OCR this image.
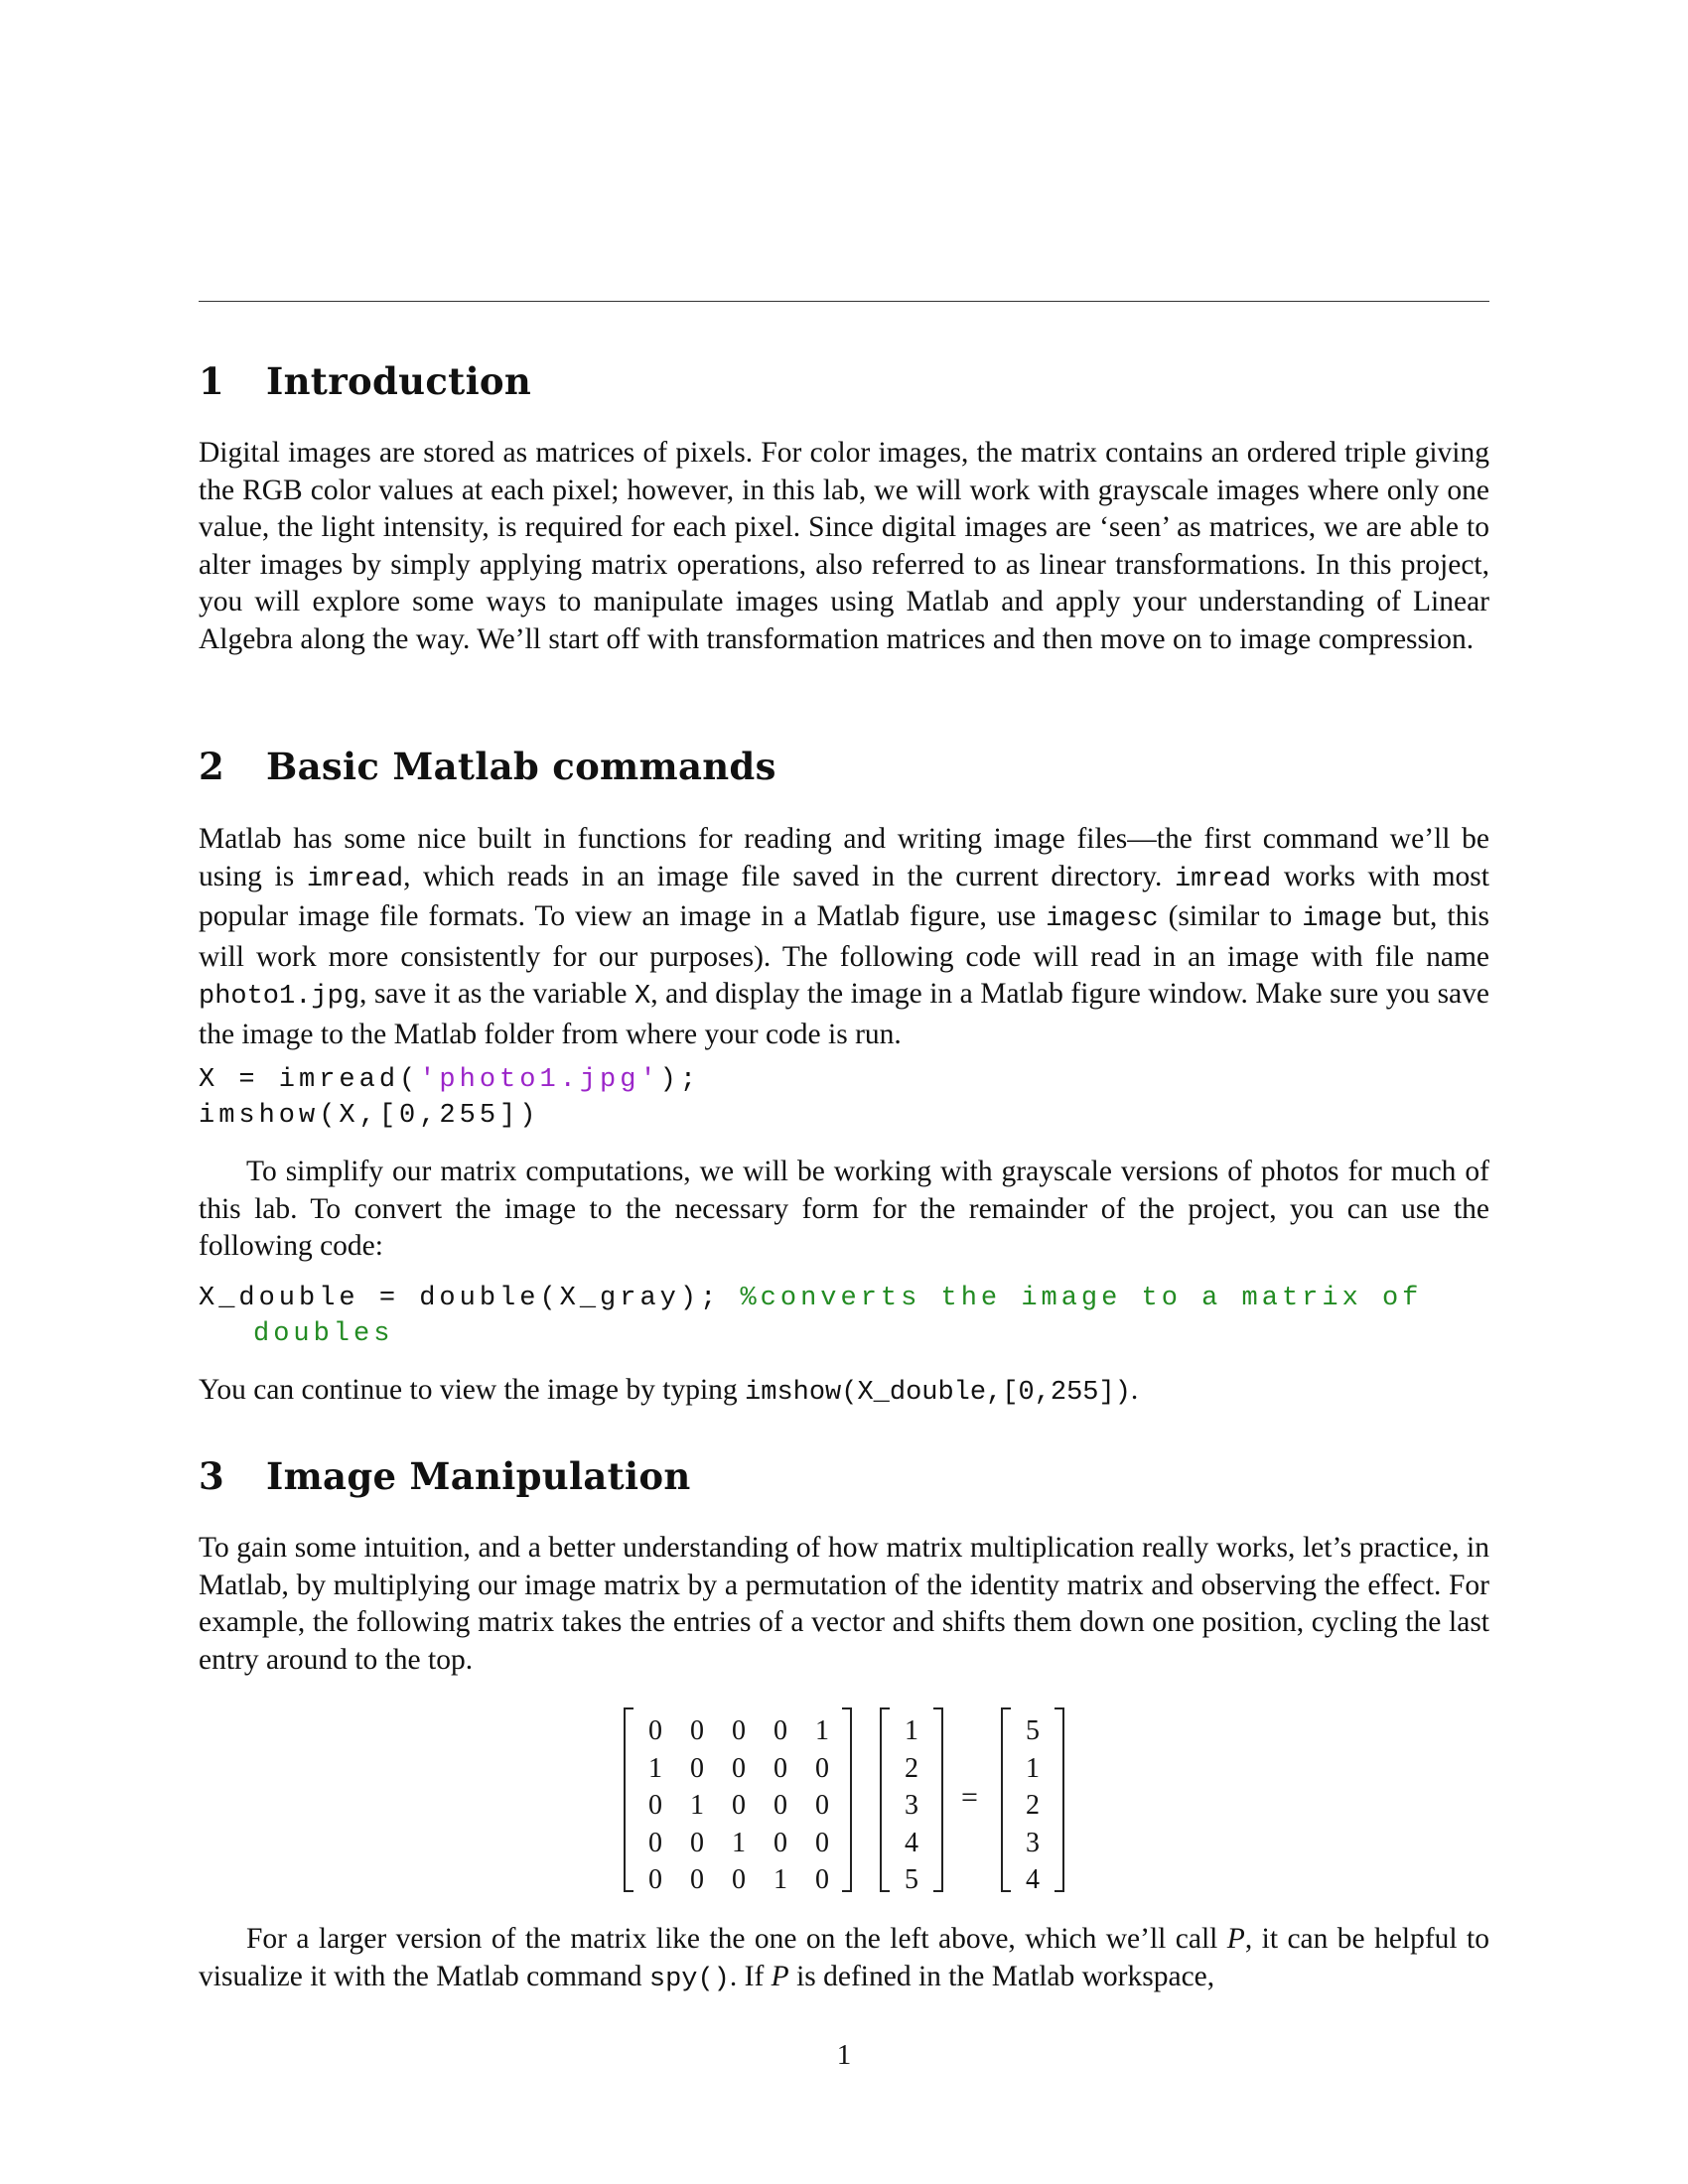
1 Introduction
Digital images are stored as matrices of pixels. For color images, the matrix contains an ordered triple giving the RGB color values at each pixel; however, in this lab, we will work with grayscale images where only one value, the light intensity, is required for each pixel. Since digital images are ‘seen’ as matrices, we are able to alter images by simply applying matrix operations, also referred to as linear transformations. In this project, you will explore some ways to manipulate images using Matlab and apply your understanding of Linear Algebra along the way. We’ll start off with transformation matrices and then move on to image compression.
2 Basic Matlab commands
Matlab has some nice built in functions for reading and writing image files—the first command we’ll be using is imread, which reads in an image file saved in the current directory. imread works with most popular image file formats. To view an image in a Matlab figure, use imagesc (similar to image but, this will work more consistently for our purposes). The following code will read in an image with file name photo1.jpg, save it as the variable X, and display the image in a Matlab figure window. Make sure you save the image to the Matlab folder from where your code is run.
X = imread('photo1.jpg');
imshow(X,[0,255])
To simplify our matrix computations, we will be working with grayscale versions of photos for much of this lab. To convert the image to the necessary form for the remainder of the project, you can use the following code:
X_double = double(X_gray); %converts the image to a matrix of
doubles
You can continue to view the image by typing imshow(X_double,[0,255]).
3 Image Manipulation
To gain some intuition, and a better understanding of how matrix multiplication really works, let’s practice, in Matlab, by multiplying our image matrix by a permutation of the identity matrix and observing the effect. For example, the following matrix takes the entries of a vector and shifts them down one position, cycling the last entry around to the top.
0	0	0	0	1
1	0	0	0	0
0	1	0	0	0
0	0	1	0	0
0	0	0	1	0
1
2
3
4
5
=
5
1
2
3
4
For a larger version of the matrix like the one on the left above, which we’ll call P, it can be helpful to visualize it with the Matlab command spy(). If P is defined in the Matlab workspace,
1
